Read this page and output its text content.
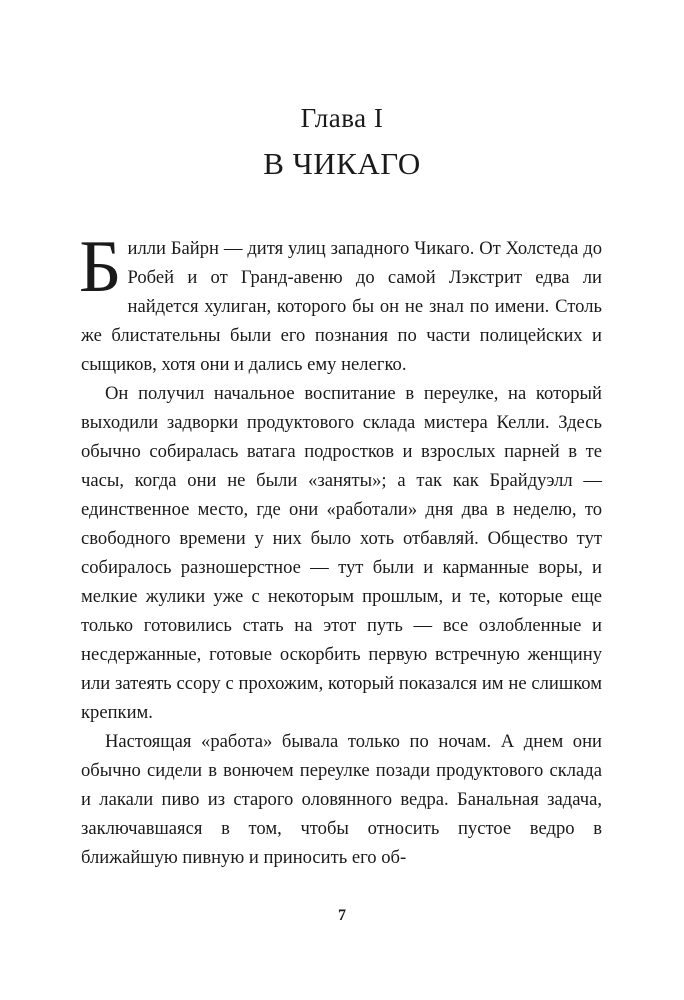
Глава I
В ЧИКАГО

Билли Байрн — дитя улиц западного Чикаго. От Холстеда до Робей и от Гранд-авеню до самой Лэкстрит едва ли найдется хулиган, которого бы он не знал по имени. Столь же блистательны были его познания по части полицейских и сыщиков, хотя они и дались ему нелегко.

Он получил начальное воспитание в переулке, на который выходили задворки продуктового склада мистера Келли. Здесь обычно собиралась ватага подростков и взрослых парней в те часы, когда они не были «заняты»; а так как Брайдуэлл — единственное место, где они «работали» дня два в неделю, то свободного времени у них было хоть отбавляй. Общество тут собиралось разношерстное — тут были и карманные воры, и мелкие жулики уже с некоторым прошлым, и те, которые еще только готовились стать на этот путь — все озлобленные и несдержанные, готовые оскорбить первую встречную женщину или затеять ссору с прохожим, который показался им не слишком крепким.

Настоящая «работа» бывала только по ночам. А днем они обычно сидели в вонючем переулке позади продуктового склада и лакали пиво из старого оловянного ведра. Банальная задача, заключавшаяся в том, чтобы относить пустое ведро в ближайшую пивную и приносить его об-

7
